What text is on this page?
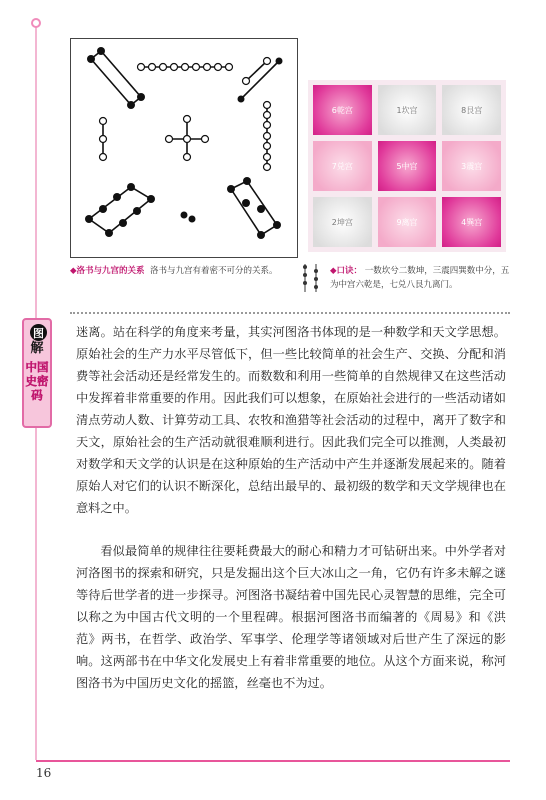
6乾宫	1坎宫	8艮宫
7兑宫	5中宫	3震宫
2坤宫	9离宫	4巽宫
◆洛书与九宫的关系 洛书与九宫有着密不可分的关系。	◆口诀： 一数坎兮二数坤，三震四巽数中分，五为中宫六乾是，七兑八艮九离门。
图
解
中国史密码
迷离。站在科学的角度来考量，其实河图洛书体现的是一种数学和天文学思想。原始社会的生产力水平尽管低下，但一些比较简单的社会生产、交换、分配和消费等社会活动还是经常发生的。而数数和利用一些简单的自然规律又在这些活动中发挥着非常重要的作用。因此我们可以想象，在原始社会进行的一些活动诸如清点劳动人数、计算劳动工具、农牧和渔猎等社会活动的过程中，离开了数字和天文，原始社会的生产活动就很难顺利进行。因此我们完全可以推测，人类最初对数学和天文学的认识是在这种原始的生产活动中产生并逐渐发展起来的。随着原始人对它们的认识不断深化，总结出最早的、最初级的数学和天文学规律也在意料之中。
看似最简单的规律往往要耗费最大的耐心和精力才可钻研出来。中外学者对河洛图书的探索和研究，只是发掘出这个巨大冰山之一角，它仍有许多未解之谜等待后世学者的进一步探寻。河图洛书凝结着中国先民心灵智慧的思维，完全可以称之为中国古代文明的一个里程碑。根据河图洛书而编著的《周易》和《洪范》两书，在哲学、政治学、军事学、伦理学等诸领域对后世产生了深远的影响。这两部书在中华文化发展史上有着非常重要的地位。从这个方面来说，称河图洛书为中国历史文化的摇篮，丝毫也不为过。
16
